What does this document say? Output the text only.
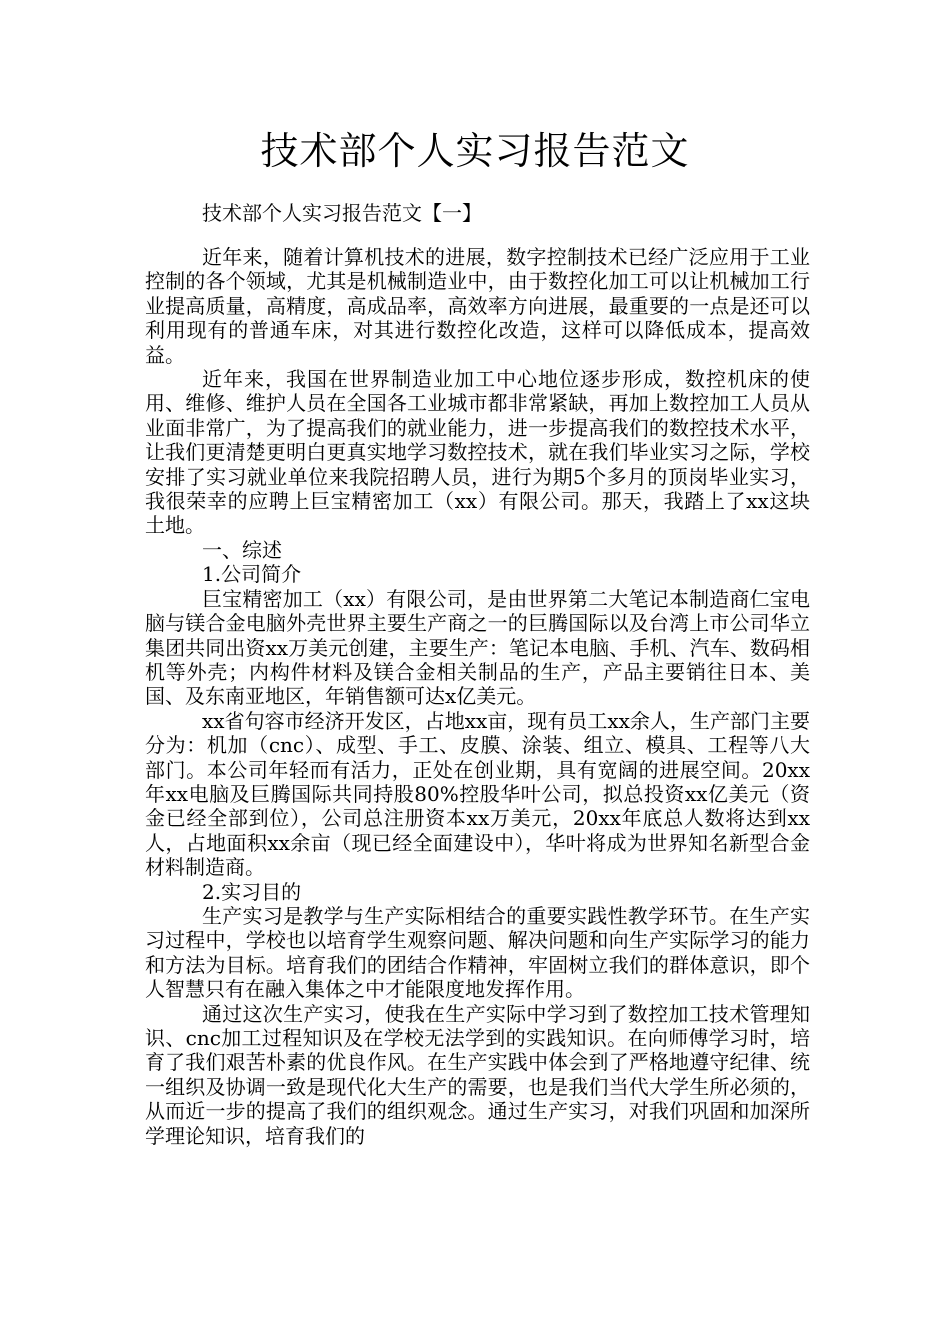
技术部个人实习报告范文
技术部个人实习报告范文【一】

近年来，随着计算机技术的进展，数字控制技术已经广泛应用于工业控制的各个领域，尤其是机械制造业中，由于数控化加工可以让机械加工行业提高质量，高精度，高成品率，高效率方向进展，最重要的一点是还可以利用现有的普通车床，对其进行数控化改造，这样可以降低成本，提高效益。

近年来，我国在世界制造业加工中心地位逐步形成，数控机床的使用、维修、维护人员在全国各工业城市都非常紧缺，再加上数控加工人员从业面非常广，为了提高我们的就业能力，进一步提高我们的数控技术水平，让我们更清楚更明白更真实地学习数控技术，就在我们毕业实习之际，学校安排了实习就业单位来我院招聘人员，进行为期5个多月的顶岗毕业实习，我很荣幸的应聘上巨宝精密加工（xx）有限公司。那天，我踏上了xx这块土地。

一、综述

1.公司简介

巨宝精密加工（xx）有限公司，是由世界第二大笔记本制造商仁宝电脑与镁合金电脑外壳世界主要生产商之一的巨腾国际以及台湾上市公司华立集团共同出资xx万美元创建，主要生产：笔记本电脑、手机、汽车、数码相机等外壳；内构件材料及镁合金相关制品的生产，产品主要销往日本、美国、及东南亚地区，年销售额可达x亿美元。

xx省句容市经济开发区，占地xx亩，现有员工xx余人，生产部门主要分为：机加（cnc）、成型、手工、皮膜、涂装、组立、模具、工程等八大部门。本公司年轻而有活力，正处在创业期，具有宽阔的进展空间。20xx年xx电脑及巨腾国际共同持股80%控股华叶公司，拟总投资xx亿美元（资金已经全部到位），公司总注册资本xx万美元，20xx年底总人数将达到xx人，占地面积xx余亩（现已经全面建设中），华叶将成为世界知名新型合金材料制造商。

2.实习目的

生产实习是教学与生产实际相结合的重要实践性教学环节。在生产实习过程中，学校也以培育学生观察问题、解决问题和向生产实际学习的能力和方法为目标。培育我们的团结合作精神，牢固树立我们的群体意识，即个人智慧只有在融入集体之中才能限度地发挥作用。

通过这次生产实习，使我在生产实际中学习到了数控加工技术管理知识、cnc加工过程知识及在学校无法学到的实践知识。在向师傅学习时，培育了我们艰苦朴素的优良作风。在生产实践中体会到了严格地遵守纪律、统一组织及协调一致是现代化大生产的需要，也是我们当代大学生所必须的，从而近一步的提高了我们的组织观念。通过生产实习，对我们巩固和加深所学理论知识，培育我们的
